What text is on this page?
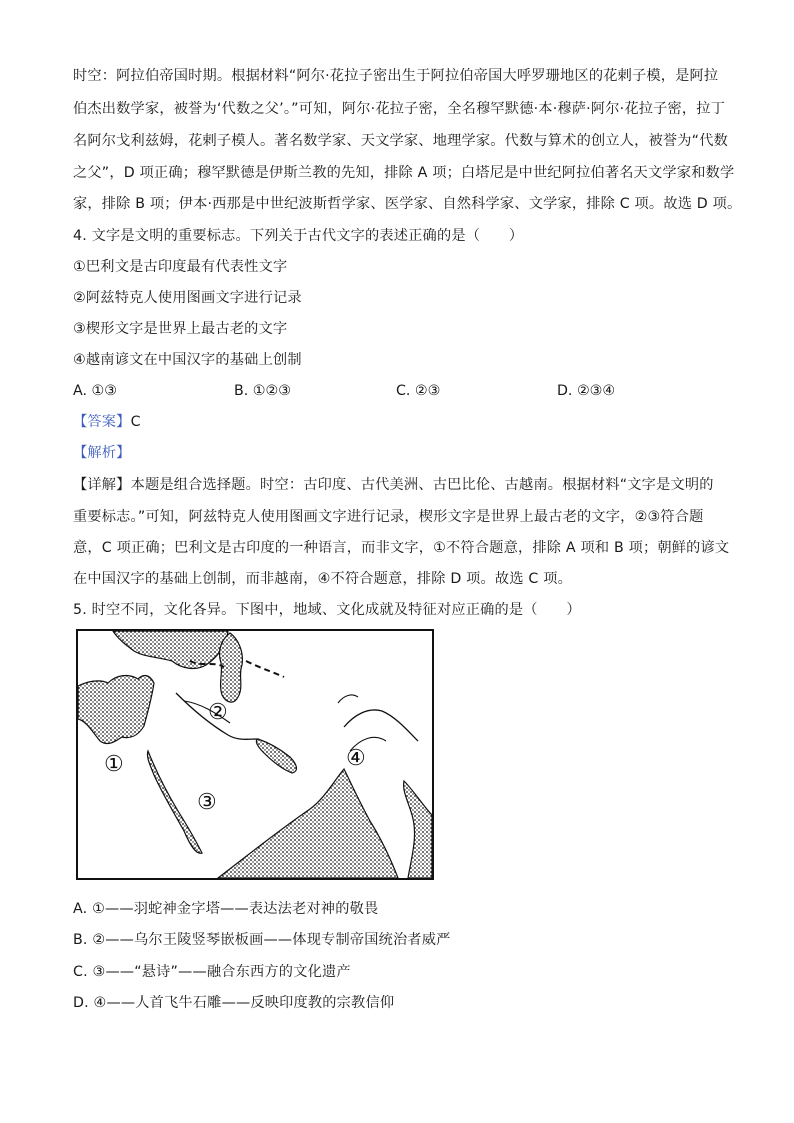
时空：阿拉伯帝国时期。根据材料“阿尔·花拉子密出生于阿拉伯帝国大呼罗珊地区的花剌子模，是阿拉
伯杰出数学家，被誉为‘代数之父’。”可知，阿尔·花拉子密，全名穆罕默德·本·穆萨·阿尔·花拉子密，拉丁
名阿尔戈利兹姆，花剌子模人。著名数学家、天文学家、地理学家。代数与算术的创立人，被誉为“代数
之父”，D 项正确；穆罕默德是伊斯兰教的先知，排除 A 项；白塔尼是中世纪阿拉伯著名天文学家和数学
家，排除 B 项；伊本·西那是中世纪波斯哲学家、医学家、自然科学家、文学家，排除 C 项。故选 D 项。
4. 文字是文明的重要标志。下列关于古代文字的表述正确的是（　　）
①巴利文是古印度最有代表性文字
②阿兹特克人使用图画文字进行记录
③楔形文字是世界上最古老的文字
④越南谚文在中国汉字的基础上创制
A. ①③	B. ①②③	C. ②③	D. ②③④
【答案】C
【解析】
【详解】本题是组合选择题。时空：古印度、古代美洲、古巴比伦、古越南。根据材料“文字是文明的
重要标志。”可知，阿兹特克人使用图画文字进行记录，楔形文字是世界上最古老的文字，②③符合题
意，C 项正确；巴利文是古印度的一种语言，而非文字，①不符合题意，排除 A 项和 B 项；朝鲜的谚文
在中国汉字的基础上创制，而非越南，④不符合题意，排除 D 项。故选 C 项。
5. 时空不同，文化各异。下图中，地域、文化成就及特征对应正确的是（　　）
①
②
③
④
A. ①——羽蛇神金字塔——表达法老对神的敬畏
B. ②——乌尔王陵竖琴嵌板画——体现专制帝国统治者威严
C. ③——“悬诗”——融合东西方的文化遗产
D. ④——人首飞牛石雕——反映印度教的宗教信仰
